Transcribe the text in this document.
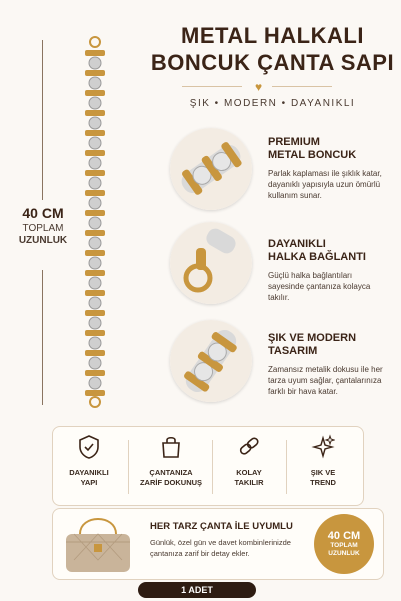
METAL HALKALI
BONCUK ÇANTA SAPI
♥
ŞIK • MODERN • DAYANIKLI
40 CM
TOPLAM
UZUNLUK
PREMIUM
METAL BONCUK
Parlak kaplaması ile şıklık katar, dayanıklı yapısıyla uzun ömürlü kullanım sunar.
DAYANIKLI
HALKA BAĞLANTI
Güçlü halka bağlantıları sayesinde çantanıza kolayca takılır.
ŞIK VE MODERN
TASARIM
Zamansız metalik dokusu ile her tarza uyum sağlar, çantalarınıza farklı bir hava katar.
DAYANIKLI
YAPI
ÇANTANIZA
ZARİF DOKUNUŞ
KOLAY
TAKILIR
ŞIK VE
TREND
HER TARZ ÇANTA İLE UYUMLU
Günlük, özel gün ve davet kombinlerinizde çantanıza zarif bir detay ekler.
40 CM
TOPLAM
UZUNLUK
1 ADET
